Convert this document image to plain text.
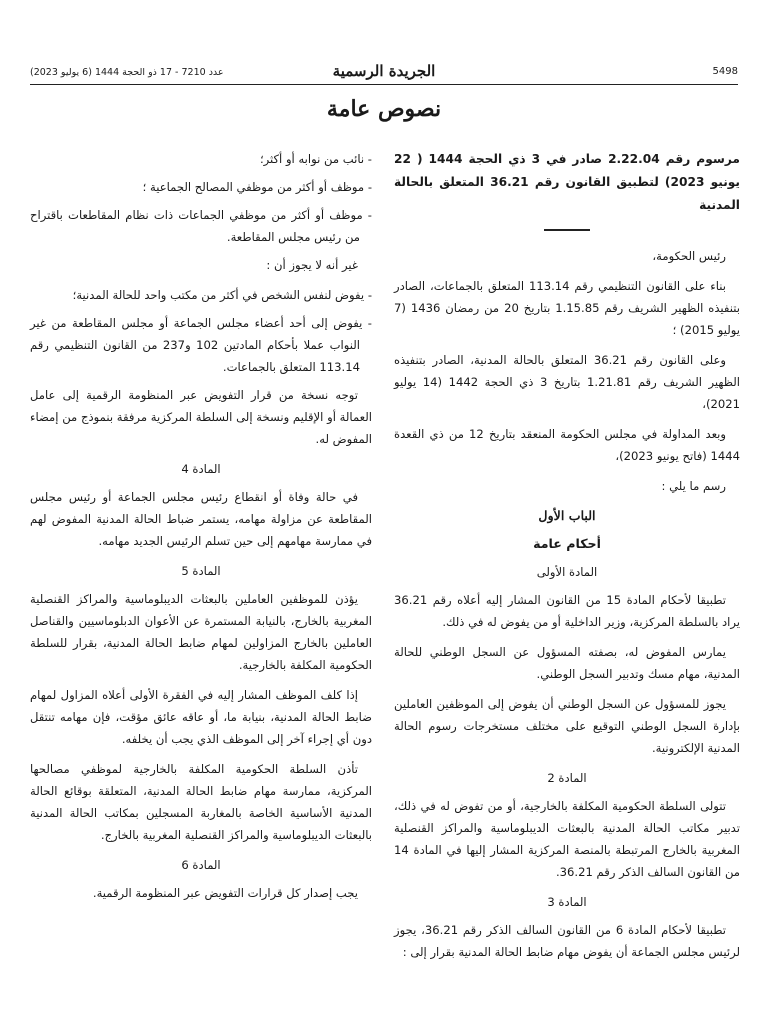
5498
الجريدة الرسمية
عدد 7210 - 17 ذو الحجة 1444 (6 يوليو 2023)
نصوص عامة

مرسوم رقم 2.22.04 صادر في 3 ذي الحجة 1444 ( 22 يونيو 2023) لتطبيق القانون رقم 36.21 المتعلق بالحالة المدنية

رئيس الحكومة،

بناء على القانون التنظيمي رقم 113.14 المتعلق بالجماعات، الصادر بتنفيذه الظهير الشريف رقم 1.15.85 بتاريخ 20 من رمضان 1436 (7 يوليو 2015) ؛

وعلى القانون رقم 36.21 المتعلق بالحالة المدنية، الصادر بتنفيذه الظهير الشريف رقم 1.21.81 بتاريخ 3 ذي الحجة 1442 (14 يوليو 2021)،

وبعد المداولة في مجلس الحكومة المنعقد بتاريخ 12 من ذي القعدة 1444 (فاتح يونيو 2023)،

رسم ما يلي :

الباب الأول

أحكام عامة

المادة الأولى

تطبيقا لأحكام المادة 15 من القانون المشار إليه أعلاه رقم 36.21 يراد بالسلطة المركزية، وزير الداخلية أو من يفوض له في ذلك.

يمارس المفوض له، بصفته المسؤول عن السجل الوطني للحالة المدنية، مهام مسك وتدبير السجل الوطني.

يجوز للمسؤول عن السجل الوطني أن يفوض إلى الموظفين العاملين بإدارة السجل الوطني التوقيع على مختلف مستخرجات رسوم الحالة المدنية الإلكترونية.

المادة 2

تتولى السلطة الحكومية المكلفة بالخارجية، أو من تفوض له في ذلك، تدبير مكاتب الحالة المدنية بالبعثات الديبلوماسية والمراكز القنصلية المغربية بالخارج المرتبطة بالمنصة المركزية المشار إليها في المادة 14 من القانون السالف الذكر رقم 36.21.

المادة 3

تطبيقا لأحكام المادة 6 من القانون السالف الذكر رقم 36.21، يجوز لرئيس مجلس الجماعة أن يفوض مهام ضابط الحالة المدنية بقرار إلى :

- نائب من نوابه أو أكثر؛

- موظف أو أكثر من موظفي المصالح الجماعية ؛

- موظف أو أكثر من موظفي الجماعات ذات نظام المقاطعات باقتراح من رئيس مجلس المقاطعة.

غير أنه لا يجوز أن :

- يفوض لنفس الشخص في أكثر من مكتب واحد للحالة المدنية؛

- يفوض إلى أحد أعضاء مجلس الجماعة أو مجلس المقاطعة من غير النواب عملا بأحكام المادتين 102 و237 من القانون التنظيمي رقم 113.14 المتعلق بالجماعات.

توجه نسخة من قرار التفويض عبر المنظومة الرقمية إلى عامل العمالة أو الإقليم ونسخة إلى السلطة المركزية مرفقة بنموذج من إمضاء المفوض له.

المادة 4

في حالة وفاة أو انقطاع رئيس مجلس الجماعة أو رئيس مجلس المقاطعة عن مزاولة مهامه، يستمر ضباط الحالة المدنية المفوض لهم في ممارسة مهامهم إلى حين تسلم الرئيس الجديد مهامه.

المادة 5

يؤذن للموظفين العاملين بالبعثات الديبلوماسية والمراكز القنصلية المغربية بالخارج، بالنيابة المستمرة عن الأعوان الدبلوماسيين والقناصل العاملين بالخارج المزاولين لمهام ضابط الحالة المدنية، بقرار للسلطة الحكومية المكلفة بالخارجية.

إذا كلف الموظف المشار إليه في الفقرة الأولى أعلاه المزاول لمهام ضابط الحالة المدنية، بنيابة ما، أو عاقه عائق مؤقت، فإن مهامه تنتقل دون أي إجراء آخر إلى الموظف الذي يجب أن يخلفه.

تأذن السلطة الحكومية المكلفة بالخارجية لموظفي مصالحها المركزية، ممارسة مهام ضابط الحالة المدنية، المتعلقة بوقائع الحالة المدنية الأساسية الخاصة بالمغاربة المسجلين بمكاتب الحالة المدنية بالبعثات الديبلوماسية والمراكز القنصلية المغربية بالخارج.

المادة 6

يجب إصدار كل قرارات التفويض عبر المنظومة الرقمية.
